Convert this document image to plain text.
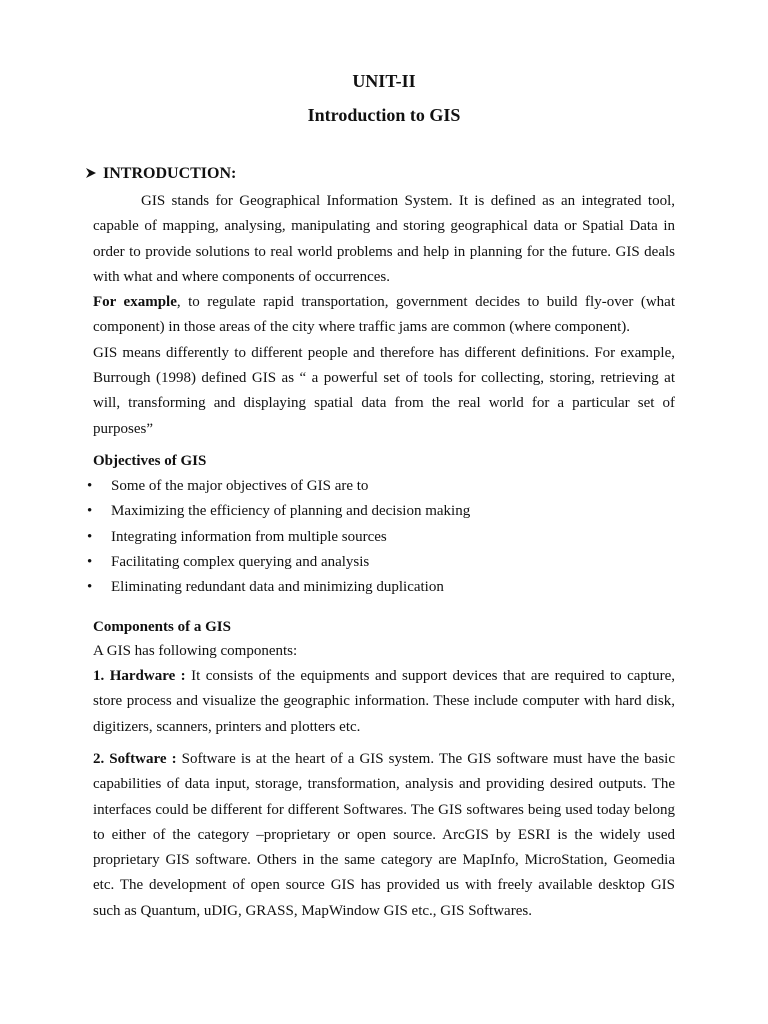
UNIT-II
Introduction to GIS
INTRODUCTION:

GIS stands for Geographical Information System. It is defined as an integrated tool, capable of mapping, analysing, manipulating and storing geographical data or Spatial Data in order to provide solutions to real world problems and help in planning for the future. GIS deals with what and where components of occurrences.

For example, to regulate rapid transportation, government decides to build fly-over (what component) in those areas of the city where traffic jams are common (where component).

GIS means differently to different people and therefore has different definitions. For example, Burrough (1998) defined GIS as “ a powerful set of tools for collecting, storing, retrieving at will, transforming and displaying spatial data from the real world for a particular set of purposes”

Objectives of GIS
• Some of the major objectives of GIS are to
• Maximizing the efficiency of planning and decision making
• Integrating information from multiple sources
• Facilitating complex querying and analysis
• Eliminating redundant data and minimizing duplication
Components of a GIS
A GIS has following components:

1. Hardware : It consists of the equipments and support devices that are required to capture, store process and visualize the geographic information. These include computer with hard disk, digitizers, scanners, printers and plotters etc.

2. Software : Software is at the heart of a GIS system. The GIS software must have the basic capabilities of data input, storage, transformation, analysis and providing desired outputs. The interfaces could be different for different Softwares. The GIS softwares being used today belong to either of the category –proprietary or open source. ArcGIS by ESRI is the widely used proprietary GIS software. Others in the same category are MapInfo, MicroStation, Geomedia etc. The development of open source GIS has provided us with freely available desktop GIS such as Quantum, uDIG, GRASS, MapWindow GIS etc., GIS Softwares.
